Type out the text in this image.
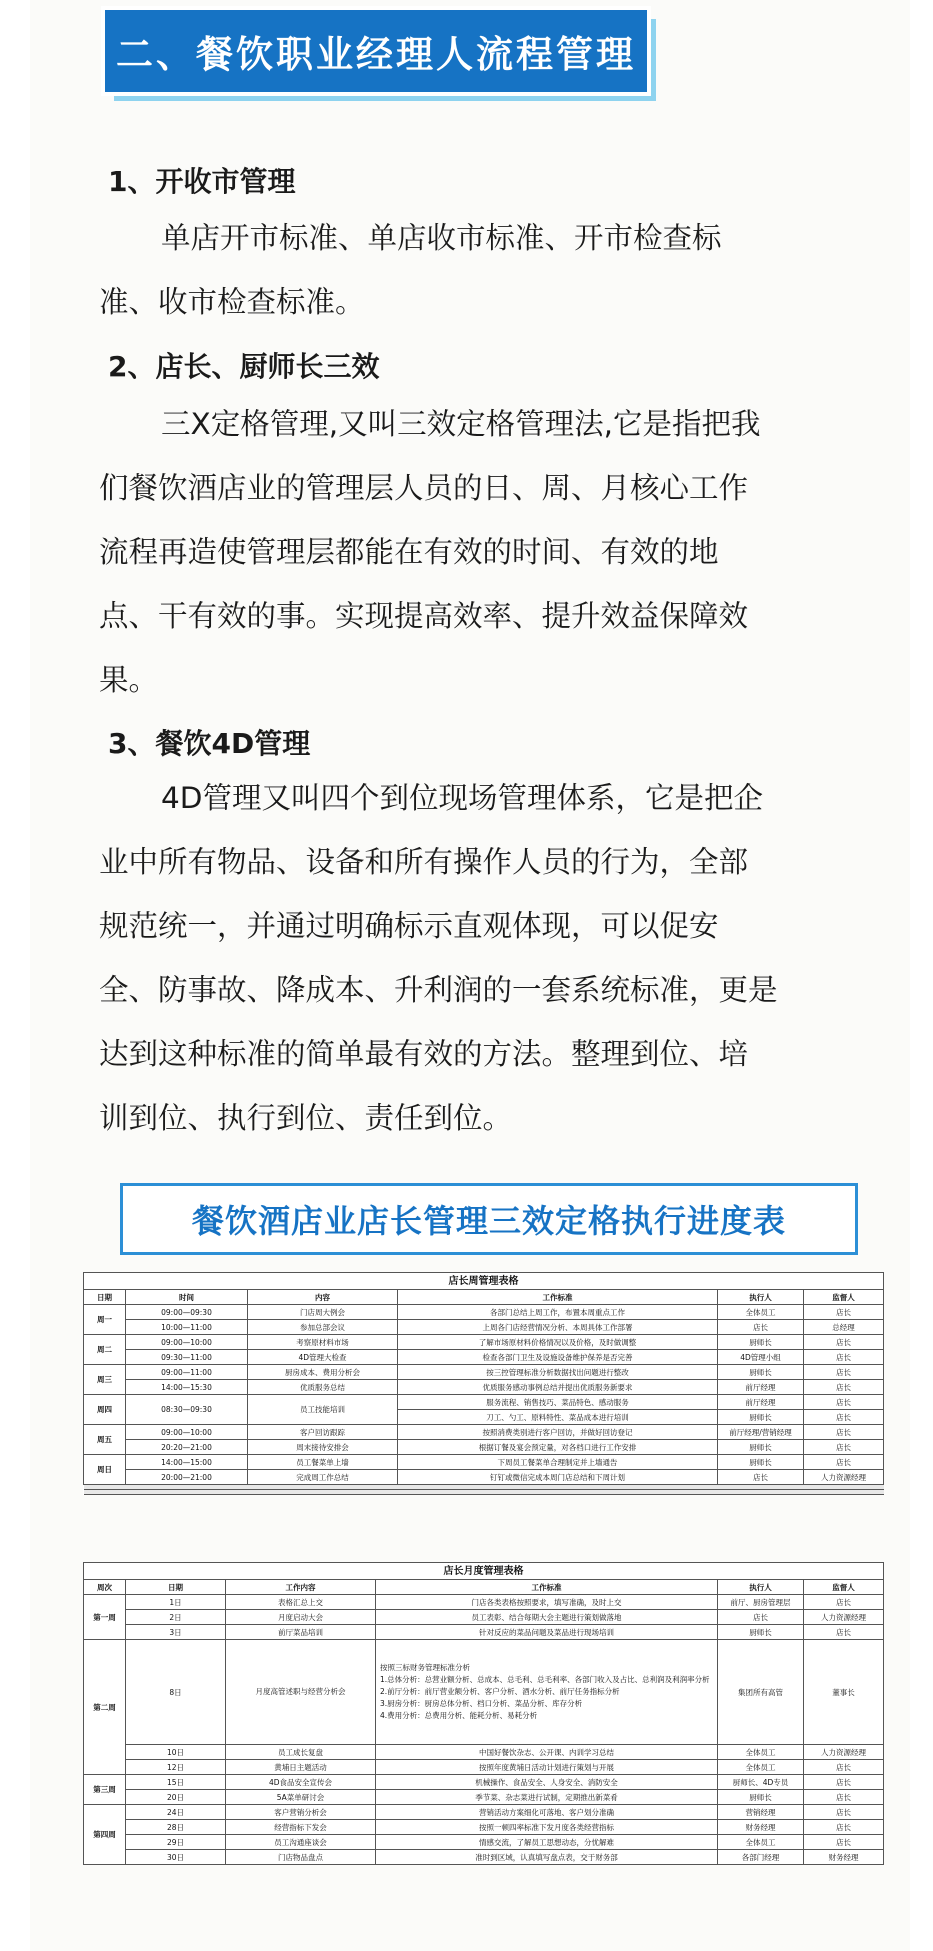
二、餐饮职业经理人流程管理
1、开收市管理
单店开市标准、单店收市标准、开市检查标
准、收市检查标准。
2、店长、厨师长三效
三X定格管理,又叫三效定格管理法,它是指把我
们餐饮酒店业的管理层人员的日、周、月核心工作
流程再造使管理层都能在有效的时间、有效的地
点、干有效的事。实现提高效率、提升效益保障效
果。
3、餐饮4D管理
4D管理又叫四个到位现场管理体系，它是把企
业中所有物品、设备和所有操作人员的行为，全部
规范统一，并通过明确标示直观体现，可以促安
全、防事故、降成本、升利润的一套系统标准，更是
达到这种标准的简单最有效的方法。整理到位、培
训到位、执行到位、责任到位。
餐饮酒店业店长管理三效定格执行进度表
店长周管理表格					
日期	时间	内容	工作标准	执行人	监督人
周一	09:00—09:30	门店周大例会	各部门总结上周工作，布置本周重点工作	全体员工	店长
	10:00—11:00	参加总部会议	上周各门店经营情况分析、本周具体工作部署	店长	总经理
周二	09:00—10:00	考察原材料市场	了解市场原材料价格情况以及价格，及时做调整	厨师长	店长
	09:30—11:00	4D管理大检查	检查各部门卫生及设施设备维护保养是否完善	4D管理小组	店长
周三	09:00—11:00	厨房成本、费用分析会	按三控管理标准分析数据找出问题进行整改	厨师长	店长
	14:00—15:30	优质服务总结	优质服务感动事例总结并提出优质服务新要求	前厅经理	店长
周四	08:30—09:30	员工技能培训	服务流程、销售技巧、菜品特色、感动服务	前厅经理	店长
			刀工、勺工、原料特性、菜品成本进行培训	厨师长	店长
周五	09:00—10:00	客户回访跟踪	按照消费类别进行客户回访，并做好回访登记	前厅经理/营销经理	店长
	20:20—21:00	周末接待安排会	根据订餐及宴会预定量，对各档口进行工作安排	厨师长	店长
周日	14:00—15:00	员工餐菜单上墙	下周员工餐菜单合理制定并上墙通告	厨师长	店长
	20:00—21:00	完成周工作总结	钉钉或微信完成本周门店总结和下周计划	店长	人力资源经理

店长月度管理表格					
周次	日期	工作内容	工作标准	执行人	监督人
第一周	1日	表格汇总上交	门店各类表格按照要求，填写准确，及时上交	前厅、厨房管理层	店长
	2日	月度启动大会	员工表彰、结合每期大会主题进行策划做落地	店长	人力资源经理
	3日	前厅菜品培训	针对反应的菜品问题及菜品进行现场培训	厨师长	店长
第二周	8日	月度高管述职与经营分析会	按照三标财务管理标准分析
1.总体分析：总营业额分析、总成本、总毛利、总毛利率、各部门收入及占比、总利润及利润率分析
2.前厅分析：前厅营业额分析、客户分析、酒水分析、前厅任务指标分析
3.厨房分析：厨房总体分析、档口分析、菜品分析、库存分析
4.费用分析：总费用分析、能耗分析、易耗分析	集团所有高管	董事长
	10日	员工成长复盘	中国好餐饮杂志、公开课、内训学习总结	全体员工	人力资源经理
	12日	黄埔日主题活动	按照年度黄埔日活动计划进行策划与开展	全体员工	店长
第三周	15日	4D食品安全宣传会	机械操作、食品安全、人身安全、消防安全	厨师长、4D专员	店长
	20日	5A菜单研讨会	季节菜、杂志菜进行试制，定期推出新菜肴	厨师长	店长
第四周	24日	客户营销分析会	营销活动方案细化可落地、客户划分准确	营销经理	店长
	28日	经营指标下发会	按照一顿四率标准下发月度各类经营指标	财务经理	店长
	29日	员工沟通座谈会	情感交流，了解员工思想动态，分忧解难	全体员工	店长
	30日	门店物品盘点	准时到区域，认真填写盘点表，交于财务部	各部门经理	财务经理
